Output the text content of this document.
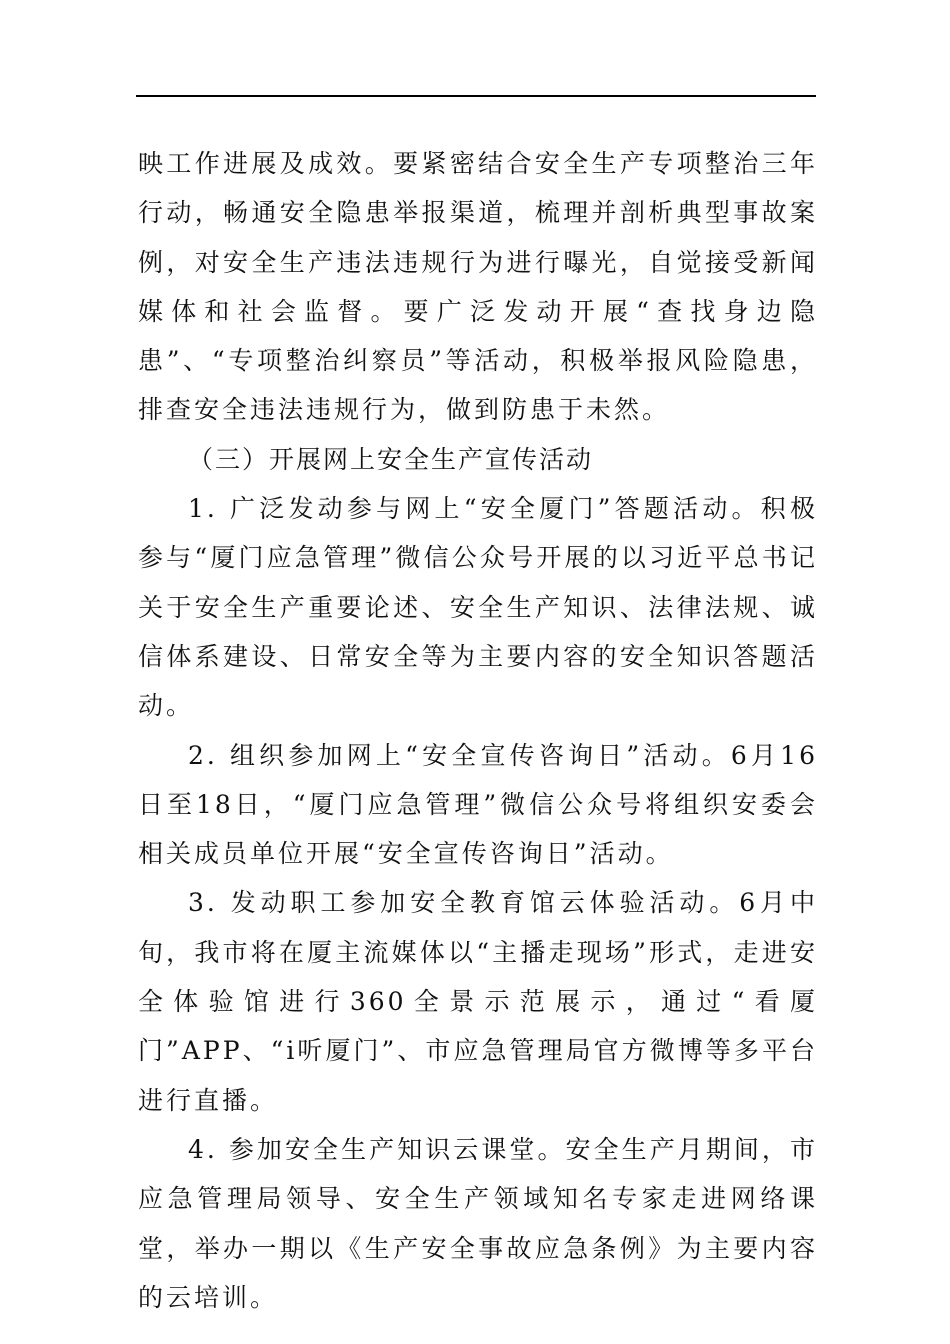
映工作进展及成效。要紧密结合安全生产专项整治三年行动，畅通安全隐患举报渠道，梳理并剖析典型事故案例，对安全生产违法违规行为进行曝光，自觉接受新闻媒体和社会监督。要广泛发动开展“查找身边隐患”、“专项整治纠察员”等活动，积极举报风险隐患，排查安全违法违规行为，做到防患于未然。

（三）开展网上安全生产宣传活动

1. 广泛发动参与网上“安全厦门”答题活动。积极参与“厦门应急管理”微信公众号开展的以习近平总书记关于安全生产重要论述、安全生产知识、法律法规、诚信体系建设、日常安全等为主要内容的安全知识答题活动。

2. 组织参加网上“安全宣传咨询日”活动。6月16日至18日，“厦门应急管理”微信公众号将组织安委会相关成员单位开展“安全宣传咨询日”活动。

3. 发动职工参加安全教育馆云体验活动。6月中旬，我市将在厦主流媒体以“主播走现场”形式，走进安全体验馆进行360全景示范展示，通过“看厦门”APP、“i听厦门”、市应急管理局官方微博等多平台进行直播。

4. 参加安全生产知识云课堂。安全生产月期间，市应急管理局领导、安全生产领域知名专家走进网络课堂，举办一期以《生产安全事故应急条例》为主要内容的云培训。
